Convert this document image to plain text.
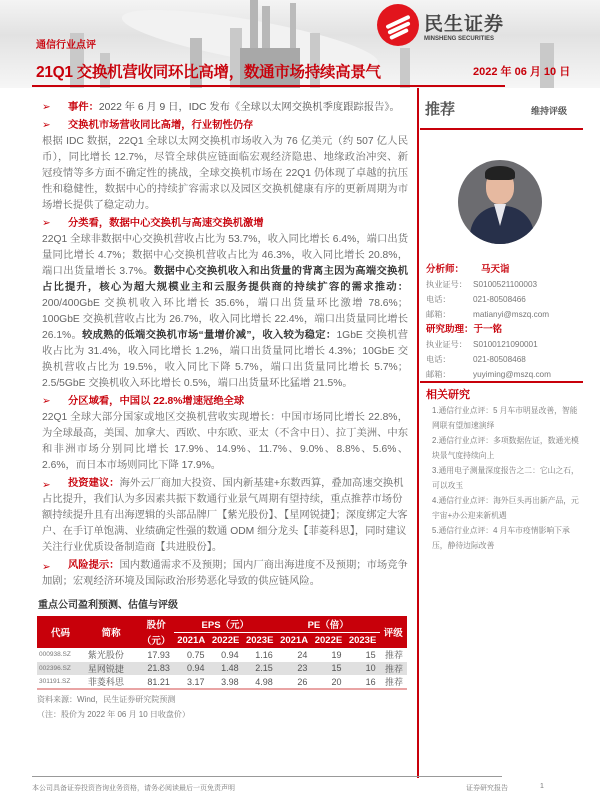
通信行业点评
21Q1 交换机营收同环比高增，数通市场持续高景气	2022 年 06 月 10 日
民生证券
MINSHENG SECURITIES
➢ 事件：2022 年 6 月 9 日，IDC 发布《全球以太网交换机季度跟踪报告》。
➢ 交换机市场营收同比高增，行业韧性仍存
根据 IDC 数据，22Q1 全球以太网交换机市场收入为 76 亿美元（约 507 亿人民币），同比增长 12.7%，尽管全球供应链面临宏观经济隐患、地缘政治冲突、新冠疫情等多方面不确定性的挑战，全球交换机市场在 22Q1 仍体现了卓越的抗压性和稳健性，数据中心的持续扩容需求以及园区交换机健康有序的更新周期为市场增长提供了稳定动力。
➢ 分类看，数据中心交换机与高速交换机激增
22Q1 全球非数据中心交换机营收占比为 53.7%，收入同比增长 6.4%，端口出货量同比增长 4.7%；数据中心交换机营收占比为 46.3%，收入同比增长 20.8%，端口出货量增长 3.7%。数据中心交换机收入和出货量的背离主因为高端交换机占比提升，核心为超大规模业主和云服务提供商的持续扩容的需求推动：200/400GbE 交换机收入环比增长 35.6%，端口出货量环比激增 78.6%；100GbE 交换机营收占比为 26.7%，收入同比增长 22.4%，端口出货量同比增长 26.1%。较成熟的低端交换机市场“量增价减”，收入较为稳定：1GbE 交换机营收占比为 31.4%，收入同比增长 1.2%，端口出货量同比增长 4.3%；10GbE 交换机营收占比为 19.5%，收入同比下降 5.7%，端口出货量同比增长 5.7%；2.5/5GbE 交换机收入环比增长 0.5%，端口出货量环比猛增 21.5%。
➢ 分区域看，中国以 22.8%增速冠绝全球
22Q1 全球大部分国家或地区交换机营收实现增长：中国市场同比增长 22.8%，为全球最高，美国、加拿大、西欧、中东欧、亚太（不含中日）、拉丁美洲、中东和非洲市场分别同比增长 17.9%、14.9%、11.7%、9.0%、8.8%、5.6%、2.6%，而日本市场则同比下降 17.9%。
➢ 投资建议：海外云厂商加大投资、国内新基建+东数西算，叠加高速交换机占比提升，我们认为多因素共振下数通行业景气周期有望持续，重点推荐市场份额持续提升且有出海逻辑的头部品牌厂【紫光股份】、【星网锐捷】；深度绑定大客户、在手订单饱满、业绩确定性强的数通 ODM 细分龙头【菲菱科思】，同时建议关注行业优质设备制造商【共进股份】。
➢ 风险提示：国内数通需求不及预期；国内厂商出海进度不及预期；市场竞争加剧；宏观经济环境及国际政治形势恶化导致的供应链风险。
重点公司盈利预测、估值与评级
代码	简称	股价	EPS（元）			PE（倍）			评级
		（元）	2021A	2022E	2023E	2021A	2022E	2023E	
000938.SZ	紫光股份	17.93	0.75	0.94	1.16	24	19	15	推荐
002396.SZ	星网锐捷	21.83	0.94	1.48	2.15	23	15	10	推荐
301191.SZ	菲菱科思	81.21	3.17	3.98	4.98	26	20	16	推荐
资料来源：Wind，民生证券研究院预测
（注：股价为 2022 年 06 月 10 日收盘价）
推荐	维持评级
分析师：	马天诣
执业证号： S0100521100003
电话：	021-80508466
邮箱：	matianyi@mszq.com
研究助理： 于一铭
执业证号： S0100121090001
电话：	021-80508468
邮箱：	yuyiming@mszq.com
相关研究
1.通信行业点评：5 月车市明显改善，智能网联有望加速演绎
2.通信行业点评：多项数据佐证，数通光模块景气度持续向上
3.通用电子测量深度报告之二：它山之石，可以攻玉
4.通信行业点评：海外巨头再出新产品，元宇宙+办公迎来新机遇
5.通信行业点评：4 月车市疫情影响下承压，静待边际改善
本公司具备证券投资咨询业务资格，请务必阅读最后一页免责声明	证券研究报告	1
